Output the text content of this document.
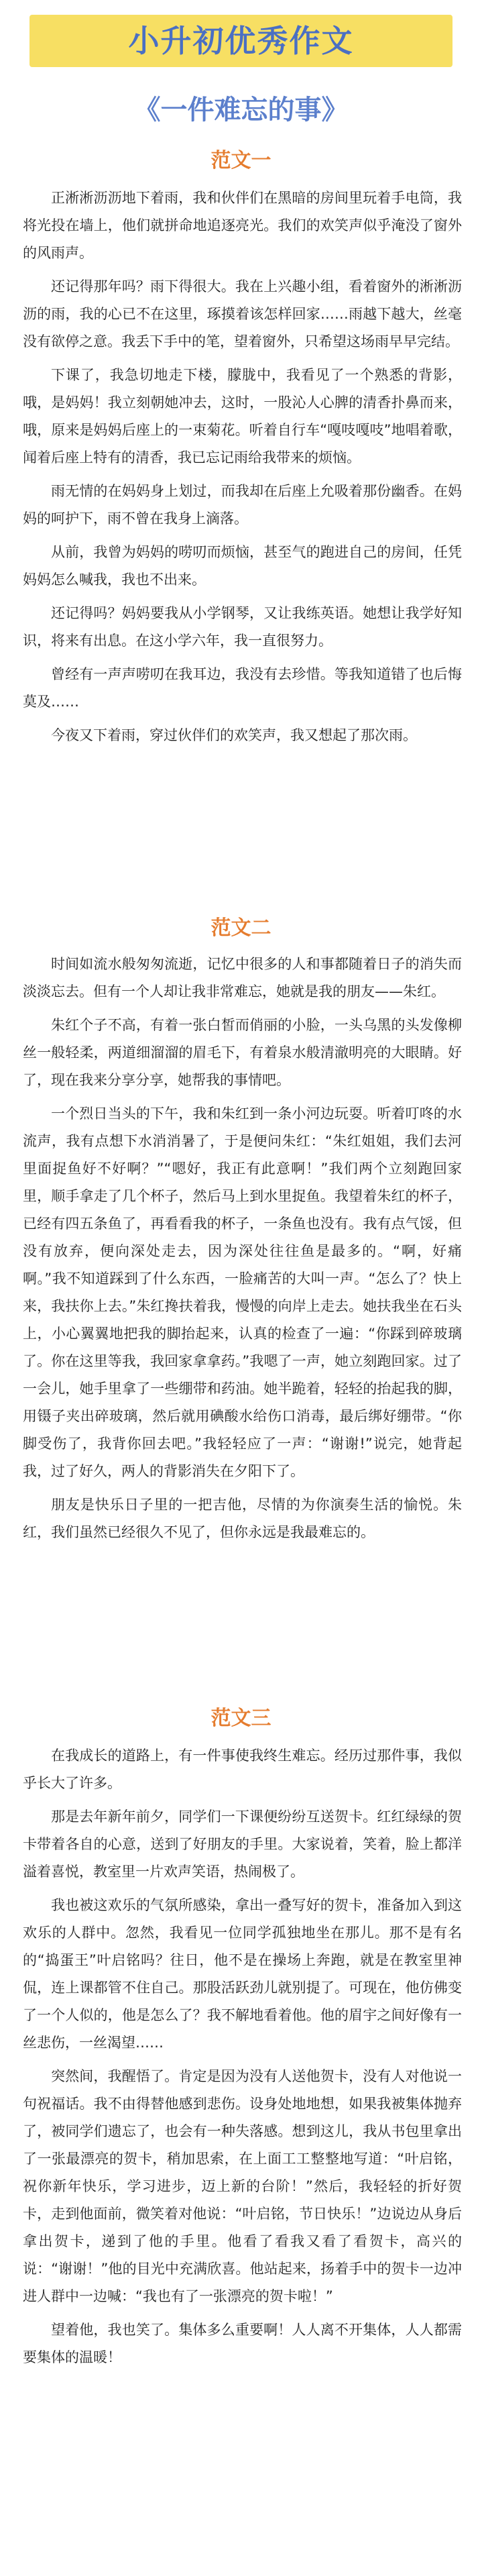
小升初优秀作文
《一件难忘的事》
范文一

正淅淅沥沥地下着雨，我和伙伴们在黑暗的房间里玩着手电筒，我将光投在墙上，他们就拼命地追逐亮光。我们的欢笑声似乎淹没了窗外的风雨声。

还记得那年吗？雨下得很大。我在上兴趣小组，看着窗外的淅淅沥沥的雨，我的心已不在这里，琢摸着该怎样回家……雨越下越大，丝毫没有欲停之意。我丢下手中的笔，望着窗外，只希望这场雨早早完结。

下课了，我急切地走下楼，朦胧中，我看见了一个熟悉的背影，哦，是妈妈！我立刻朝她冲去，这时，一股沁人心脾的清香扑鼻而来，哦，原来是妈妈后座上的一束菊花。听着自行车“嘎吱嘎吱”地唱着歌，闻着后座上特有的清香，我已忘记雨给我带来的烦恼。

雨无情的在妈妈身上划过，而我却在后座上允吸着那份幽香。在妈妈的呵护下，雨不曾在我身上滴落。

从前，我曾为妈妈的唠叨而烦恼，甚至气的跑进自己的房间，任凭妈妈怎么喊我，我也不出来。

还记得吗？妈妈要我从小学钢琴，又让我练英语。她想让我学好知识，将来有出息。在这小学六年，我一直很努力。

曾经有一声声唠叨在我耳边，我没有去珍惜。等我知道错了也后悔莫及……

今夜又下着雨，穿过伙伴们的欢笑声，我又想起了那次雨。

范文二

时间如流水般匆匆流逝，记忆中很多的人和事都随着日子的消失而淡淡忘去。但有一个人却让我非常难忘，她就是我的朋友——朱红。

朱红个子不高，有着一张白皙而俏丽的小脸，一头乌黑的头发像柳丝一般轻柔，两道细溜溜的眉毛下，有着泉水般清澈明亮的大眼睛。好了，现在我来分享分享，她帮我的事情吧。

一个烈日当头的下午，我和朱红到一条小河边玩耍。听着叮咚的水流声，我有点想下水消消暑了，于是便问朱红：“朱红姐姐，我们去河里面捉鱼好不好啊？”“嗯好，我正有此意啊！”我们两个立刻跑回家里，顺手拿走了几个杯子，然后马上到水里捉鱼。我望着朱红的杯子，已经有四五条鱼了，再看看我的杯子，一条鱼也没有。我有点气馁，但没有放弃，便向深处走去，因为深处往往鱼是最多的。“啊，好痛啊。”我不知道踩到了什么东西，一脸痛苦的大叫一声。“怎么了？快上来，我扶你上去。”朱红搀扶着我，慢慢的向岸上走去。她扶我坐在石头上，小心翼翼地把我的脚抬起来，认真的检查了一遍：“你踩到碎玻璃了。你在这里等我，我回家拿拿药。”我嗯了一声，她立刻跑回家。过了一会儿，她手里拿了一些绷带和药油。她半跪着，轻轻的抬起我的脚，用镊子夹出碎玻璃，然后就用碘酸水给伤口消毒，最后绑好绷带。“你脚受伤了，我背你回去吧。”我轻轻应了一声：“谢谢!”说完，她背起我，过了好久，两人的背影消失在夕阳下了。

朋友是快乐日子里的一把吉他，尽情的为你演奏生活的愉悦。朱红，我们虽然已经很久不见了，但你永远是我最难忘的。

范文三

在我成长的道路上，有一件事使我终生难忘。经历过那件事，我似乎长大了许多。

那是去年新年前夕，同学们一下课便纷纷互送贺卡。红红绿绿的贺卡带着各自的心意，送到了好朋友的手里。大家说着，笑着，脸上都洋溢着喜悦，教室里一片欢声笑语，热闹极了。

我也被这欢乐的气氛所感染，拿出一叠写好的贺卡，准备加入到这欢乐的人群中。忽然，我看见一位同学孤独地坐在那儿。那不是有名的“捣蛋王”叶启铭吗？往日，他不是在操场上奔跑，就是在教室里神侃，连上课都管不住自己。那股活跃劲儿就别提了。可现在，他仿佛变了一个人似的，他是怎么了？我不解地看着他。他的眉宇之间好像有一丝悲伤，一丝渴望……

突然间，我醒悟了。肯定是因为没有人送他贺卡，没有人对他说一句祝福话。我不由得替他感到悲伤。设身处地地想，如果我被集体抛弃了，被同学们遗忘了，也会有一种失落感。想到这儿，我从书包里拿出了一张最漂亮的贺卡，稍加思索，在上面工工整整地写道：“叶启铭，祝你新年快乐，学习进步，迈上新的台阶！”然后，我轻轻的折好贺卡，走到他面前，微笑着对他说：“叶启铭，节日快乐！”边说边从身后拿出贺卡，递到了他的手里。他看了看我又看了看贺卡，高兴的说：“谢谢！”他的目光中充满欣喜。他站起来，扬着手中的贺卡一边冲进人群中一边喊：“我也有了一张漂亮的贺卡啦！”

望着他，我也笑了。集体多么重要啊！人人离不开集体，人人都需要集体的温暖！
